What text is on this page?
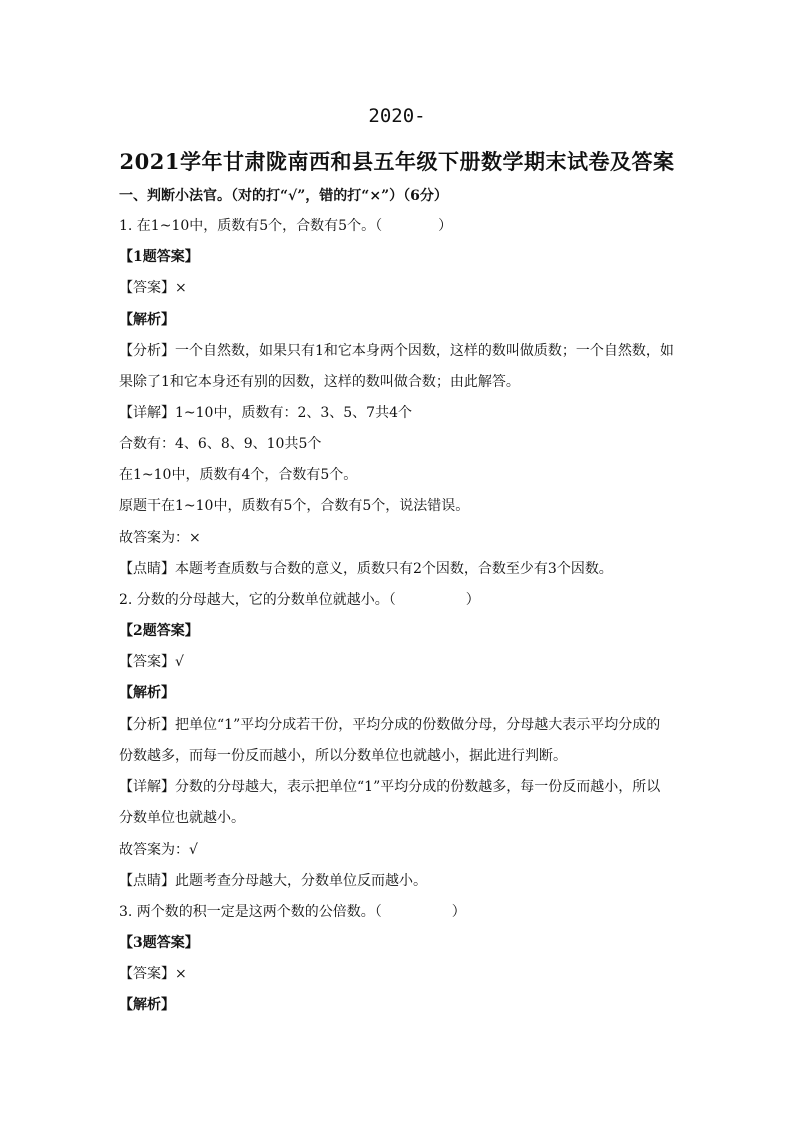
2020-
2021学年甘肃陇南西和县五年级下册数学期末试卷及答案
一、判断小法官。（对的打“√”，错的打“×”）（6分）
1. 在1~10中，质数有5个，合数有5个。（　　　　）
【1题答案】
【答案】×
【解析】
【分析】一个自然数，如果只有1和它本身两个因数，这样的数叫做质数；一个自然数，如
果除了1和它本身还有别的因数，这样的数叫做合数；由此解答。
【详解】1~10中，质数有：2、3、5、7共4个
合数有：4、6、8、9、10共5个
在1~10中，质数有4个，合数有5个。
原题干在1~10中，质数有5个，合数有5个，说法错误。
故答案为：×
【点睛】本题考查质数与合数的意义，质数只有2个因数，合数至少有3个因数。
2. 分数的分母越大，它的分数单位就越小。（　　　　　）
【2题答案】
【答案】√
【解析】
【分析】把单位“1”平均分成若干份，平均分成的份数做分母，分母越大表示平均分成的
份数越多，而每一份反而越小，所以分数单位也就越小，据此进行判断。
【详解】分数的分母越大，表示把单位“1”平均分成的份数越多，每一份反而越小，所以
分数单位也就越小。
故答案为：√
【点睛】此题考查分母越大，分数单位反而越小。
3. 两个数的积一定是这两个数的公倍数。（　　　　　）
【3题答案】
【答案】×
【解析】
